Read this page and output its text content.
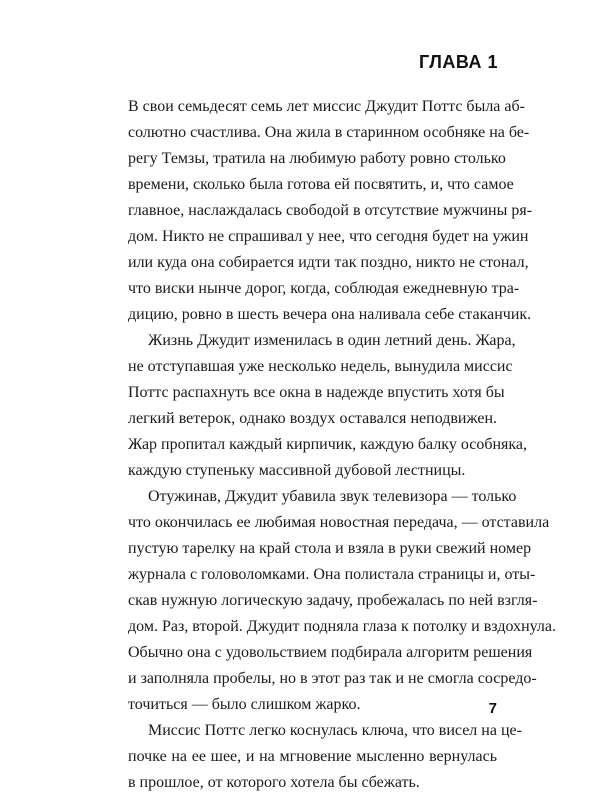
ГЛАВА 1
В свои семьдесят семь лет миссис Джудит Поттс была аб-
солютно счастлива. Она жила в старинном особняке на бе-
регу Темзы, тратила на любимую работу ровно столько
времени, сколько была готова ей посвятить, и, что самое
главное, наслаждалась свободой в отсутствие мужчины ря-
дом. Никто не спрашивал у нее, что сегодня будет на ужин
или куда она собирается идти так поздно, никто не стонал,
что виски нынче дорог, когда, соблюдая ежедневную тра-
дицию, ровно в шесть вечера она наливала себе стаканчик.
Жизнь Джудит изменилась в один летний день. Жара,
не отступавшая уже несколько недель, вынудила миссис
Поттс распахнуть все окна в надежде впустить хотя бы
легкий ветерок, однако воздух оставался неподвижен.
Жар пропитал каждый кирпичик, каждую балку особняка,
каждую ступеньку массивной дубовой лестницы.
Отужинав, Джудит убавила звук телевизора — только
что окончилась ее любимая новостная передача, — отставила
пустую тарелку на край стола и взяла в руки свежий номер
журнала с головоломками. Она полистала страницы и, оты-
скав нужную логическую задачу, пробежалась по ней взгля-
дом. Раз, второй. Джудит подняла глаза к потолку и вздохнула.
Обычно она с удовольствием подбирала алгоритм решения
и заполняла пробелы, но в этот раз так и не смогла сосредо-
точиться — было слишком жарко.
Миссис Поттс легко коснулась ключа, что висел на це-
почке на ее шее, и на мгновение мысленно вернулась
в прошлое, от которого хотела бы сбежать.
7
